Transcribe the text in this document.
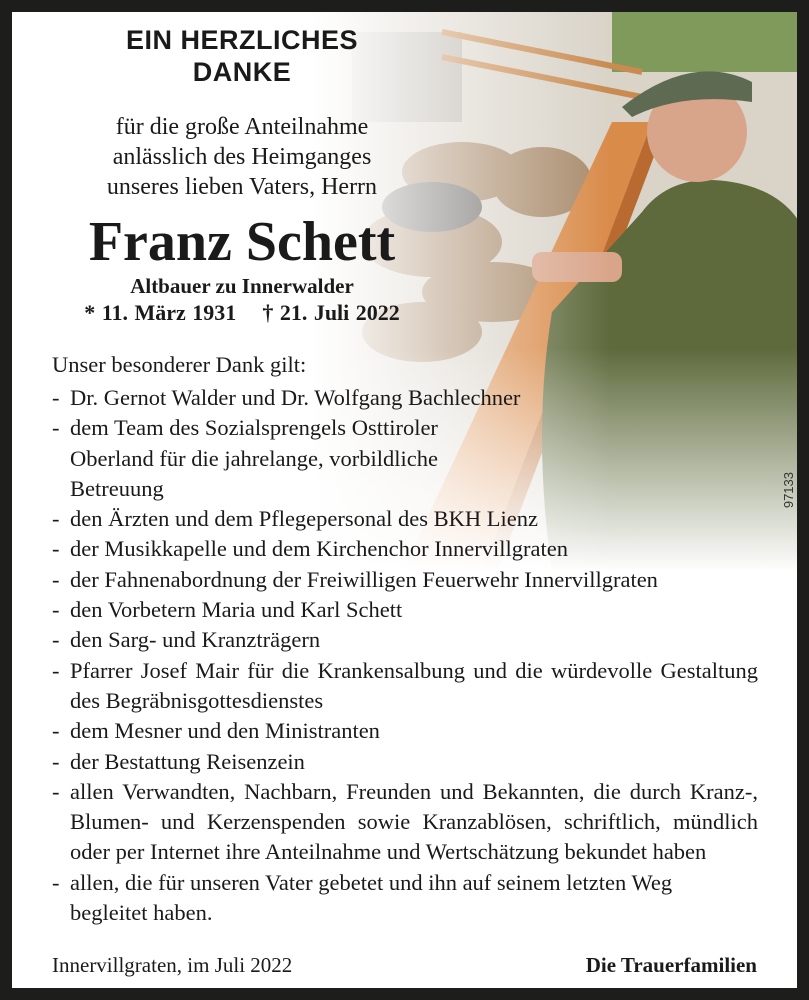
EIN HERZLICHES
DANKE
für die große Anteilnahme
anlässlich des Heimganges
unseres lieben Vaters, Herrn
Franz Schett
Altbauer zu Innerwalder
* 11. März 1931 † 21. Juli 2022
Unser besonderer Dank gilt:
- Dr. Gernot Walder und Dr. Wolfgang Bachlechner
- dem Team des Sozialsprengels Osttiroler Oberland für die jahrelange, vorbildliche Betreuung
- den Ärzten und dem Pflegepersonal des BKH Lienz
- der Musikkapelle und dem Kirchenchor Innervillgraten
- der Fahnenabordnung der Freiwilligen Feuerwehr Innervillgraten
- den Vorbetern Maria und Karl Schett
- den Sarg- und Kranzträgern
- Pfarrer Josef Mair für die Krankensalbung und die würdevolle Gestaltung des Begräbnisgottesdienstes
- dem Mesner und den Ministranten
- der Bestattung Reisenzein
- allen Verwandten, Nachbarn, Freunden und Bekannten, die durch Kranz-, Blumen- und Kerzenspenden sowie Kranzablösen, schriftlich, mündlich oder per Internet ihre Anteilnahme und Wertschätzung bekundet haben
- allen, die für unseren Vater gebetet und ihn auf seinem letzten Weg begleitet haben.
Innervillgraten, im Juli 2022	Die Trauerfamilien
97133
